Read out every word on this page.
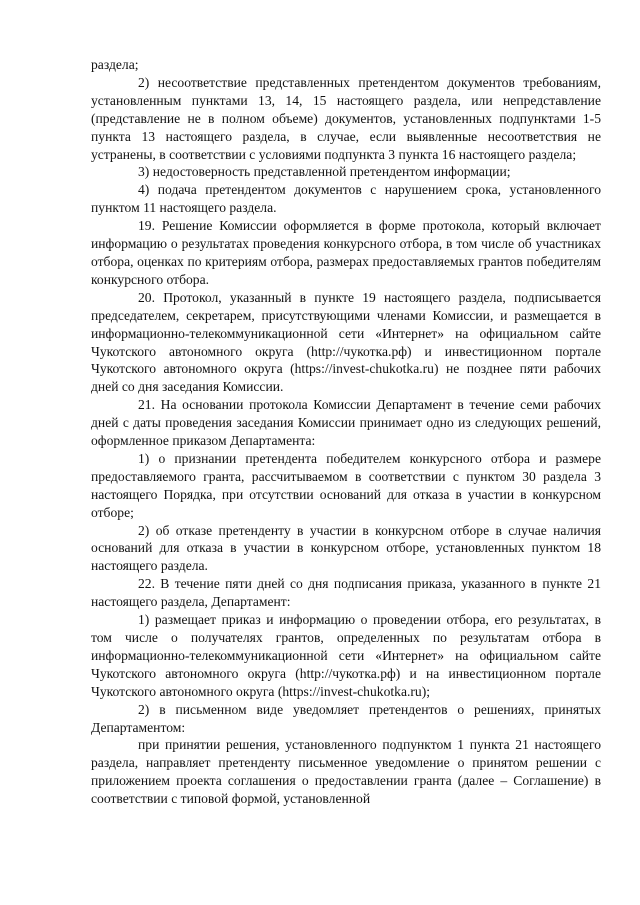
раздела;

2) несоответствие представленных претендентом документов требованиям, установленным пунктами 13, 14, 15 настоящего раздела, или непредставление (представление не в полном объеме) документов, установленных подпунктами 1-5 пункта 13 настоящего раздела, в случае, если выявленные несоответствия не устранены, в соответствии с условиями подпункта 3 пункта 16 настоящего раздела;

3) недостоверность представленной претендентом информации;

4) подача претендентом документов с нарушением срока, установленного пунктом 11 настоящего раздела.

19. Решение Комиссии оформляется в форме протокола, который включает информацию о результатах проведения конкурсного отбора, в том числе об участниках отбора, оценках по критериям отбора, размерах предоставляемых грантов победителям конкурсного отбора.

20. Протокол, указанный в пункте 19 настоящего раздела, подписывается председателем, секретарем, присутствующими членами Комиссии, и размещается в информационно-телекоммуникационной сети «Интернет» на официальном сайте Чукотского автономного округа (http://чукотка.рф) и инвестиционном портале Чукотского автономного округа (https://invest-chukotka.ru) не позднее пяти рабочих дней со дня заседания Комиссии.

21. На основании протокола Комиссии Департамент в течение семи рабочих дней с даты проведения заседания Комиссии принимает одно из следующих решений, оформленное приказом Департамента:

1) о признании претендента победителем конкурсного отбора и размере предоставляемого гранта, рассчитываемом в соответствии с пунктом 30 раздела 3 настоящего Порядка, при отсутствии оснований для отказа в участии в конкурсном отборе;

2) об отказе претенденту в участии в конкурсном отборе в случае наличия оснований для отказа в участии в конкурсном отборе, установленных пунктом 18 настоящего раздела.

22. В течение пяти дней со дня подписания приказа, указанного в пункте 21 настоящего раздела, Департамент:

1) размещает приказ и информацию о проведении отбора, его результатах, в том числе о получателях грантов, определенных по результатам отбора в информационно-телекоммуникационной сети «Интернет» на официальном сайте Чукотского автономного округа (http://чукотка.рф) и на инвестиционном портале Чукотского автономного округа (https://invest-chukotka.ru);

2) в письменном виде уведомляет претендентов о решениях, принятых Департаментом:

при принятии решения, установленного подпунктом 1 пункта 21 настоящего раздела, направляет претенденту письменное уведомление о принятом решении с приложением проекта соглашения о предоставлении гранта (далее – Соглашение) в соответствии с типовой формой, установленной
